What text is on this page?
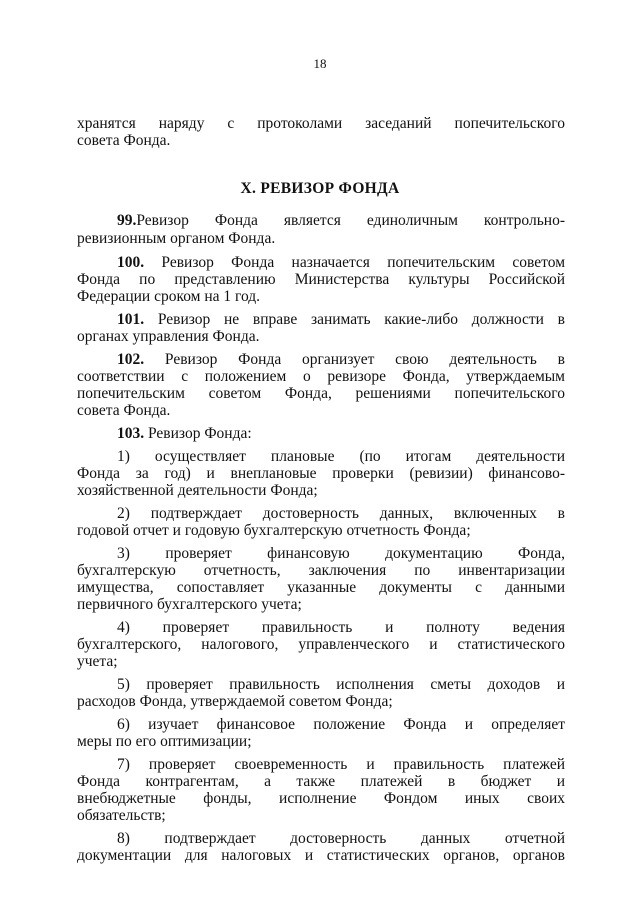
18
хранятся наряду с протоколами заседаний попечительского
совета Фонда.
X. РЕВИЗОР ФОНДА
99.Ревизор Фонда является единоличным контрольно-
ревизионным органом Фонда.
100. Ревизор Фонда назначается попечительским советом
Фонда по представлению Министерства культуры Российской
Федерации сроком на 1 год.
101. Ревизор не вправе занимать какие-либо должности в
органах управления Фонда.
102. Ревизор Фонда организует свою деятельность в
соответствии с положением о ревизоре Фонда, утверждаемым
попечительским советом Фонда, решениями попечительского
совета Фонда.
103. Ревизор Фонда:
1) осуществляет плановые (по итогам деятельности
Фонда за год) и внеплановые проверки (ревизии) финансово-
хозяйственной деятельности Фонда;
2) подтверждает достоверность данных, включенных в
годовой отчет и годовую бухгалтерскую отчетность Фонда;
3) проверяет финансовую документацию Фонда,
бухгалтерскую отчетность, заключения по инвентаризации
имущества, сопоставляет указанные документы с данными
первичного бухгалтерского учета;
4) проверяет правильность и полноту ведения
бухгалтерского, налогового, управленческого и статистического
учета;
5) проверяет правильность исполнения сметы доходов и
расходов Фонда, утверждаемой советом Фонда;
6) изучает финансовое положение Фонда и определяет
меры по его оптимизации;
7) проверяет своевременность и правильность платежей
Фонда контрагентам, а также платежей в бюджет и
внебюджетные фонды, исполнение Фондом иных своих
обязательств;
8) подтверждает достоверность данных отчетной
документации для налоговых и статистических органов, органов
